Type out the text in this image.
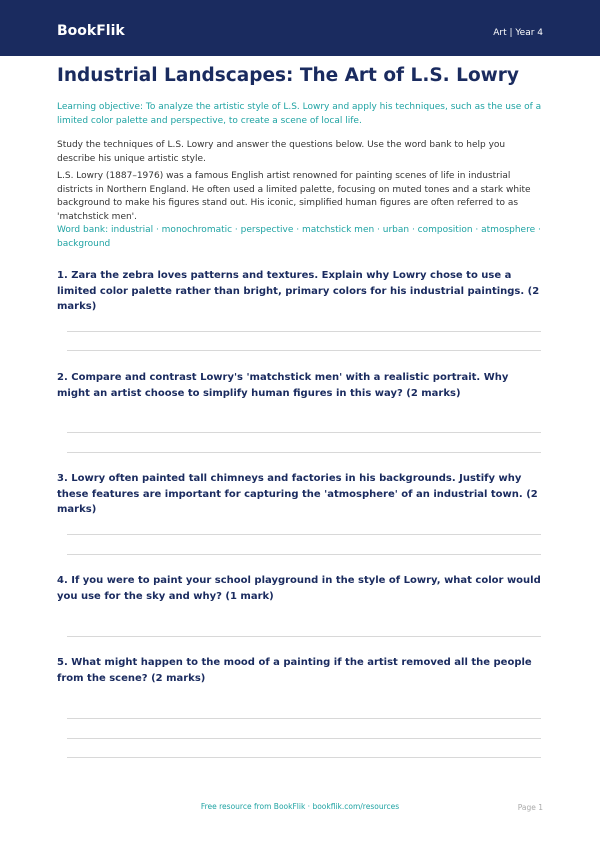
BookFlik	Art | Year 4
Industrial Landscapes: The Art of L.S. Lowry
Learning objective: To analyze the artistic style of L.S. Lowry and apply his techniques, such as the use of a limited color palette and perspective, to create a scene of local life.
Study the techniques of L.S. Lowry and answer the questions below. Use the word bank to help you describe his unique artistic style.
L.S. Lowry (1887–1976) was a famous English artist renowned for painting scenes of life in industrial districts in Northern England. He often used a limited palette, focusing on muted tones and a stark white background to make his figures stand out. His iconic, simplified human figures are often referred to as 'matchstick men'.
Word bank: industrial · monochromatic · perspective · matchstick men · urban · composition · atmosphere · background
1. Zara the zebra loves patterns and textures. Explain why Lowry chose to use a limited color palette rather than bright, primary colors for his industrial paintings. (2 marks)
2. Compare and contrast Lowry's 'matchstick men' with a realistic portrait. Why might an artist choose to simplify human figures in this way? (2 marks)
3. Lowry often painted tall chimneys and factories in his backgrounds. Justify why these features are important for capturing the 'atmosphere' of an industrial town. (2 marks)
4. If you were to paint your school playground in the style of Lowry, what color would you use for the sky and why? (1 mark)
5. What might happen to the mood of a painting if the artist removed all the people from the scene? (2 marks)
Free resource from BookFlik · bookflik.com/resources	Page 1
